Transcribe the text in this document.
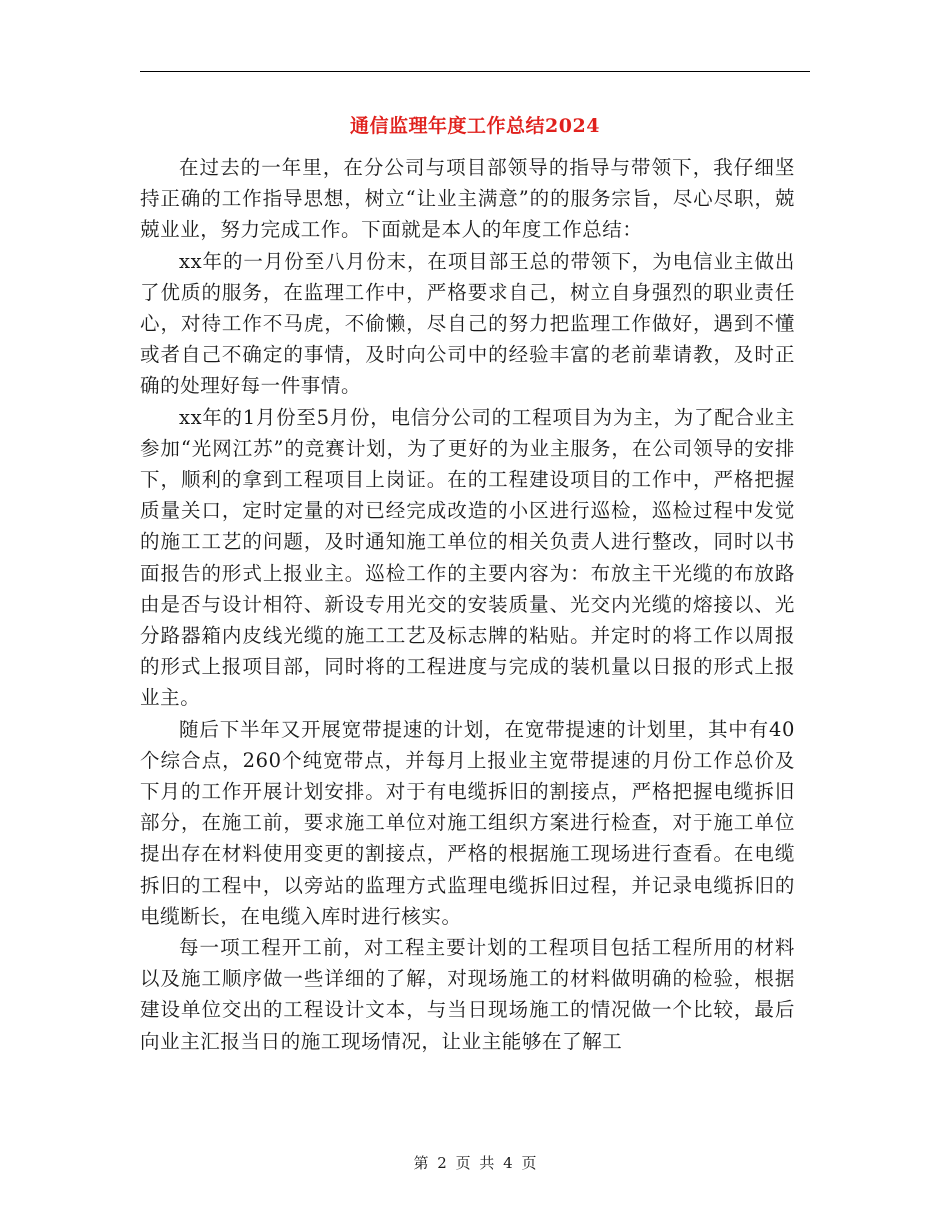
通信监理年度工作总结2024

在过去的一年里，在分公司与项目部领导的指导与带领下，我仔细坚持正确的工作指导思想，树立“让业主满意”的的服务宗旨，尽心尽职，兢兢业业，努力完成工作。下面就是本人的年度工作总结：

xx年的一月份至八月份末，在项目部王总的带领下，为电信业主做出了优质的服务，在监理工作中，严格要求自己，树立自身强烈的职业责任心，对待工作不马虎，不偷懒，尽自己的努力把监理工作做好，遇到不懂或者自己不确定的事情，及时向公司中的经验丰富的老前辈请教，及时正确的处理好每一件事情。

xx年的1月份至5月份，电信分公司的工程项目为为主，为了配合业主参加“光网江苏”的竞赛计划，为了更好的为业主服务，在公司领导的安排下，顺利的拿到工程项目上岗证。在的工程建设项目的工作中，严格把握质量关口，定时定量的对已经完成改造的小区进行巡检，巡检过程中发觉的施工工艺的问题，及时通知施工单位的相关负责人进行整改，同时以书面报告的形式上报业主。巡检工作的主要内容为：布放主干光缆的布放路由是否与设计相符、新设专用光交的安装质量、光交内光缆的熔接以、光分路器箱内皮线光缆的施工工艺及标志牌的粘贴。并定时的将工作以周报的形式上报项目部，同时将的工程进度与完成的装机量以日报的形式上报业主。

随后下半年又开展宽带提速的计划，在宽带提速的计划里，其中有40个综合点，260个纯宽带点，并每月上报业主宽带提速的月份工作总价及下月的工作开展计划安排。对于有电缆拆旧的割接点，严格把握电缆拆旧部分，在施工前，要求施工单位对施工组织方案进行检查，对于施工单位提出存在材料使用变更的割接点，严格的根据施工现场进行查看。在电缆拆旧的工程中，以旁站的监理方式监理电缆拆旧过程，并记录电缆拆旧的电缆断长，在电缆入库时进行核实。

每一项工程开工前，对工程主要计划的工程项目包括工程所用的材料以及施工顺序做一些详细的了解，对现场施工的材料做明确的检验，根据建设单位交出的工程设计文本，与当日现场施工的情况做一个比较，最后向业主汇报当日的施工现场情况，让业主能够在了解工

第 2 页 共 4 页
